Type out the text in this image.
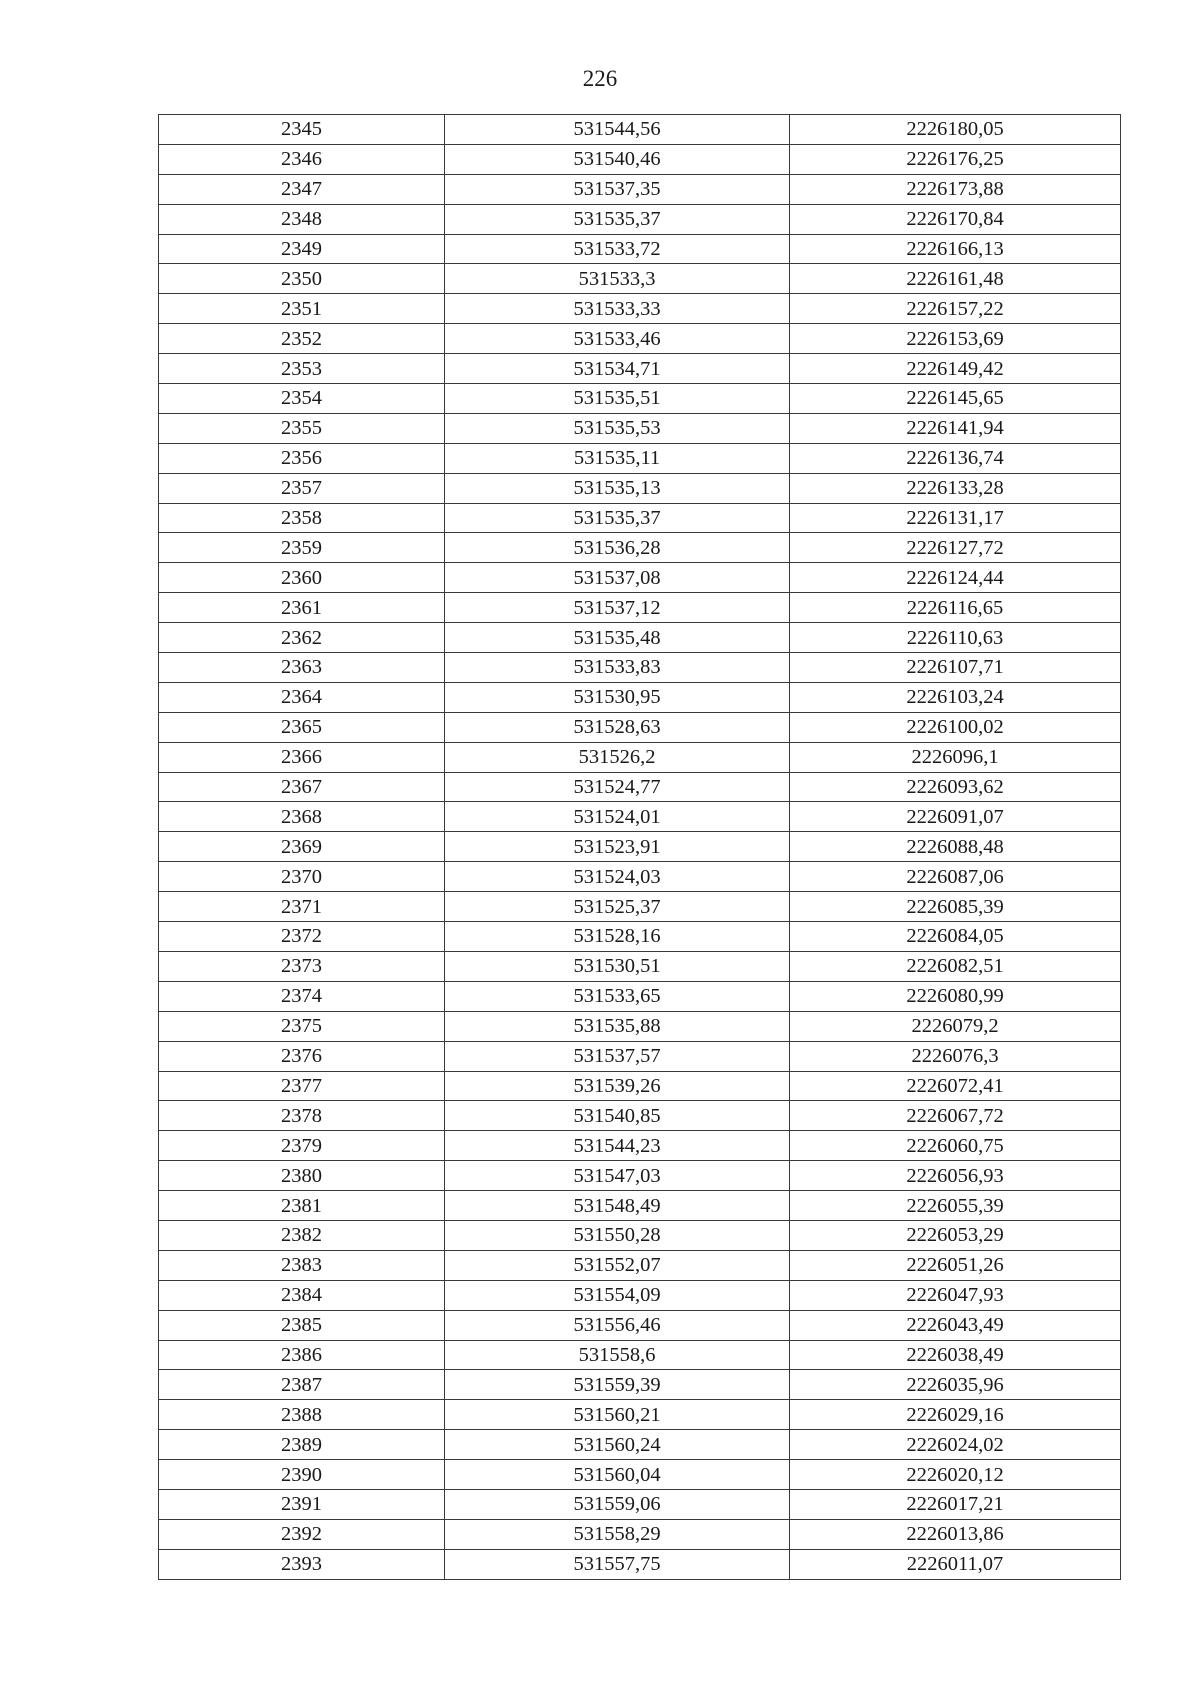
226
2345	531544,56	2226180,05
2346	531540,46	2226176,25
2347	531537,35	2226173,88
2348	531535,37	2226170,84
2349	531533,72	2226166,13
2350	531533,3	2226161,48
2351	531533,33	2226157,22
2352	531533,46	2226153,69
2353	531534,71	2226149,42
2354	531535,51	2226145,65
2355	531535,53	2226141,94
2356	531535,11	2226136,74
2357	531535,13	2226133,28
2358	531535,37	2226131,17
2359	531536,28	2226127,72
2360	531537,08	2226124,44
2361	531537,12	2226116,65
2362	531535,48	2226110,63
2363	531533,83	2226107,71
2364	531530,95	2226103,24
2365	531528,63	2226100,02
2366	531526,2	2226096,1
2367	531524,77	2226093,62
2368	531524,01	2226091,07
2369	531523,91	2226088,48
2370	531524,03	2226087,06
2371	531525,37	2226085,39
2372	531528,16	2226084,05
2373	531530,51	2226082,51
2374	531533,65	2226080,99
2375	531535,88	2226079,2
2376	531537,57	2226076,3
2377	531539,26	2226072,41
2378	531540,85	2226067,72
2379	531544,23	2226060,75
2380	531547,03	2226056,93
2381	531548,49	2226055,39
2382	531550,28	2226053,29
2383	531552,07	2226051,26
2384	531554,09	2226047,93
2385	531556,46	2226043,49
2386	531558,6	2226038,49
2387	531559,39	2226035,96
2388	531560,21	2226029,16
2389	531560,24	2226024,02
2390	531560,04	2226020,12
2391	531559,06	2226017,21
2392	531558,29	2226013,86
2393	531557,75	2226011,07
